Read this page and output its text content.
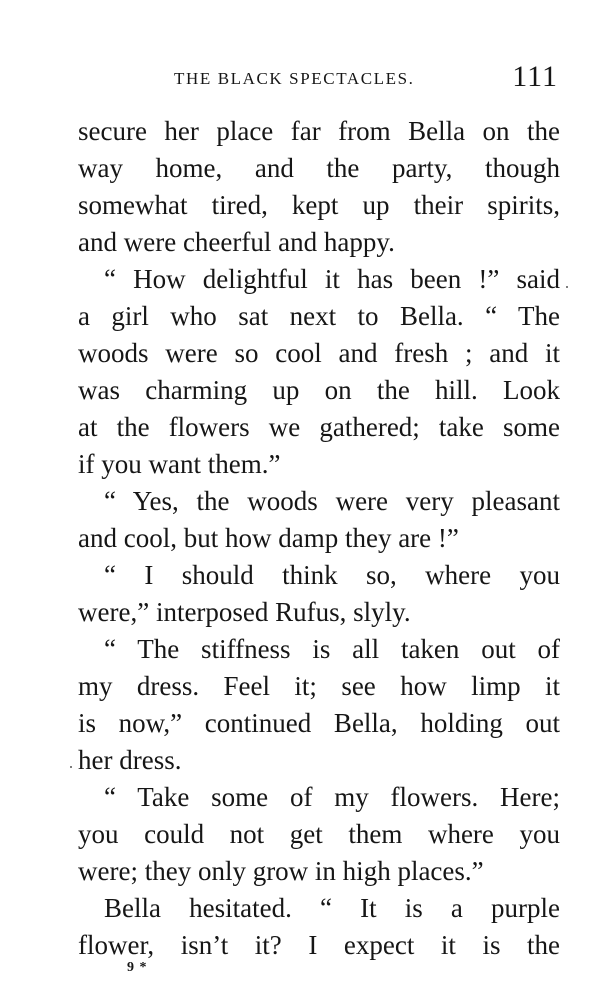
THE BLACK SPECTACLES.	111
secure her place far from Bella on the
way home, and the party, though
somewhat tired, kept up their spirits,
and were cheerful and happy.
“ How delightful it has been !” said
a girl who sat next to Bella. “ The
woods were so cool and fresh ; and it
was charming up on the hill. Look
at the flowers we gathered; take some
if you want them.”
“ Yes, the woods were very pleasant
and cool, but how damp they are !”
“ I should think so, where you
were,” interposed Rufus, slyly.
“ The stiffness is all taken out of
my dress. Feel it; see how limp it
is now,” continued Bella, holding out
her dress.
“ Take some of my flowers. Here;
you could not get them where you
were; they only grow in high places.”
Bella hesitated. “ It is a purple
flower, isn’t it? I expect it is the
9 *
